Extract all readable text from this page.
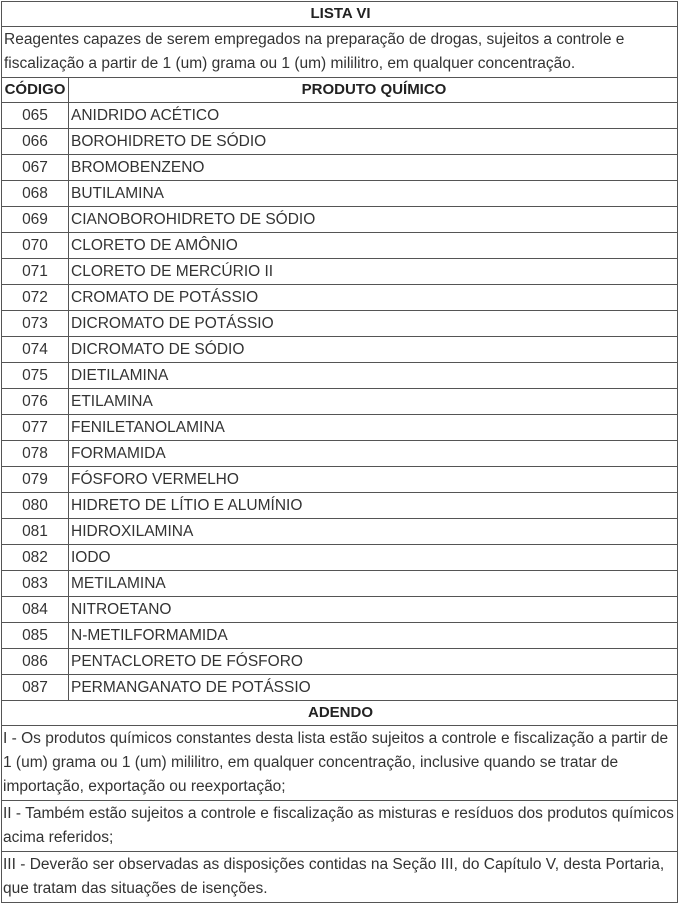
LISTA VI	
Reagentes capazes de serem empregados na preparação de drogas, sujeitos a controle e fiscalização a partir de 1 (um) grama ou 1 (um) mililitro, em qualquer concentração.	
CÓDIGO	PRODUTO QUÍMICO
065	ANIDRIDO ACÉTICO
066	BOROHIDRETO DE SÓDIO
067	BROMOBENZENO
068	BUTILAMINA
069	CIANOBOROHIDRETO DE SÓDIO
070	CLORETO DE AMÔNIO
071	CLORETO DE MERCÚRIO II
072	CROMATO DE POTÁSSIO
073	DICROMATO DE POTÁSSIO
074	DICROMATO DE SÓDIO
075	DIETILAMINA
076	ETILAMINA
077	FENILETANOLAMINA
078	FORMAMIDA
079	FÓSFORO VERMELHO
080	HIDRETO DE LÍTIO E ALUMÍNIO
081	HIDROXILAMINA
082	IODO
083	METILAMINA
084	NITROETANO
085	N-METILFORMAMIDA
086	PENTACLORETO DE FÓSFORO
087	PERMANGANATO DE POTÁSSIO
ADENDO	
I - Os produtos químicos constantes desta lista estão sujeitos a controle e fiscalização a partir de 1 (um) grama ou 1 (um) mililitro, em qualquer concentração, inclusive quando se tratar de importação, exportação ou reexportação;	
II - Também estão sujeitos a controle e fiscalização as misturas e resíduos dos produtos químicos acima referidos;	
III - Deverão ser observadas as disposições contidas na Seção III, do Capítulo V, desta Portaria, que tratam das situações de isenções.	
